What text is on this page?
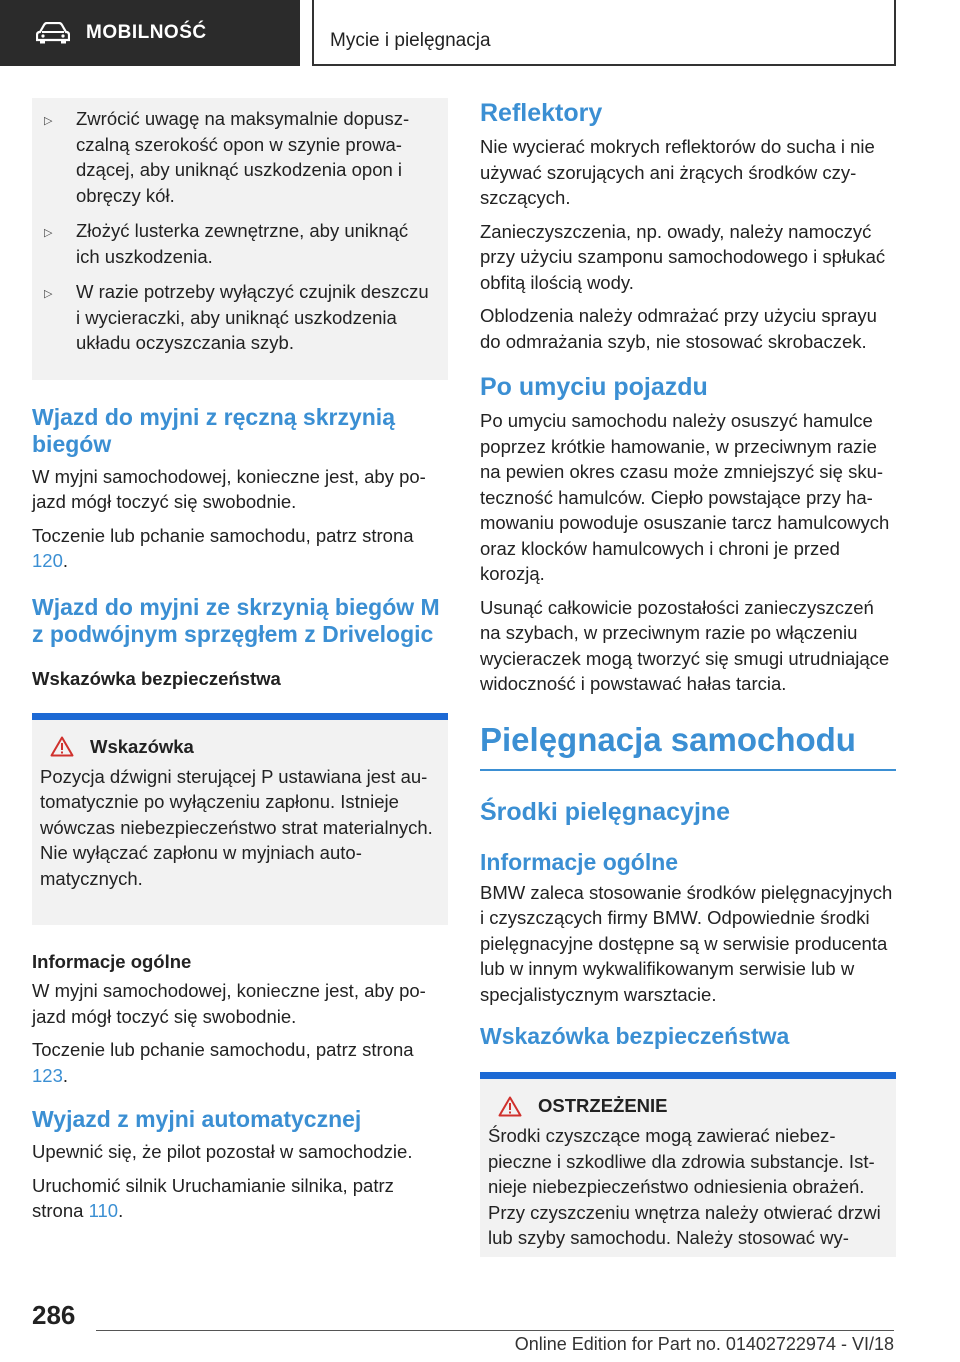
MOBILNOŚĆ	Mycie i pielęgnacja
▷	Zwrócić uwagę na maksymalnie dopuszczalną szerokość opon w szynie prowadzącej, aby uniknąć uszkodzenia opon i obręczy kół.
▷	Złożyć lusterka zewnętrzne, aby uniknąć ich uszkodzenia.
▷	W razie potrzeby wyłączyć czujnik deszczu i wycieraczki, aby uniknąć uszkodzenia układu oczyszczania szyb.
Wjazd do myjni z ręczną skrzynią biegów

W myjni samochodowej, konieczne jest, aby pojazd mógł toczyć się swobodnie.

Toczenie lub pchanie samochodu, patrz strona 120.

Wjazd do myjni ze skrzynią biegów M z podwójnym sprzęgłem z Drivelogic
Wskazówka bezpieczeństwa
Wskazówka

Pozycja dźwigni sterującej P ustawiana jest automatycznie po wyłączeniu zapłonu. Istnieje wówczas niebezpieczeństwo strat materialnych. Nie wyłączać zapłonu w myjniach automatycznych.

Informacje ogólne

W myjni samochodowej, konieczne jest, aby pojazd mógł toczyć się swobodnie.

Toczenie lub pchanie samochodu, patrz strona 123.

Wyjazd z myjni automatycznej

Upewnić się, że pilot pozostał w samochodzie.

Uruchomić silnik Uruchamianie silnika, patrz strona 110.

Reflektory

Nie wycierać mokrych reflektorów do sucha i nie używać szorujących ani żrących środków czyszczących.

Zanieczyszczenia, np. owady, należy namoczyć przy użyciu szamponu samochodowego i spłukać obfitą ilością wody.

Oblodzenia należy odmrażać przy użyciu sprayu do odmrażania szyb, nie stosować skrobaczek.

Po umyciu pojazdu

Po umyciu samochodu należy osuszyć hamulce poprzez krótkie hamowanie, w przeciwnym razie na pewien okres czasu może zmniejszyć się skuteczność hamulców. Ciepło powstające przy hamowaniu powoduje osuszanie tarcz hamulcowych oraz klocków hamulcowych i chroni je przed korozją.

Usunąć całkowicie pozostałości zanieczyszczeń na szybach, w przeciwnym razie po włączeniu wycieraczek mogą tworzyć się smugi utrudniające widoczność i powstawać hałas tarcia.

Pielęgnacja samochodu
Środki pielęgnacyjne
Informacje ogólne

BMW zaleca stosowanie środków pielęgnacyjnych i czyszczących firmy BMW. Odpowiednie środki pielęgnacyjne dostępne są w serwisie producenta lub w innym wykwalifikowanym serwisie lub w specjalistycznym warsztacie.

Wskazówka bezpieczeństwa
OSTRZEŻENIE

Środki czyszczące mogą zawierać niebezpieczne i szkodliwe dla zdrowia substancje. Istnieje niebezpieczeństwo odniesienia obrażeń. Przy czyszczeniu wnętrza należy otwierać drzwi lub szyby samochodu. Należy stosować wy-

286
Online Edition for Part no. 01402722974 - VI/18
